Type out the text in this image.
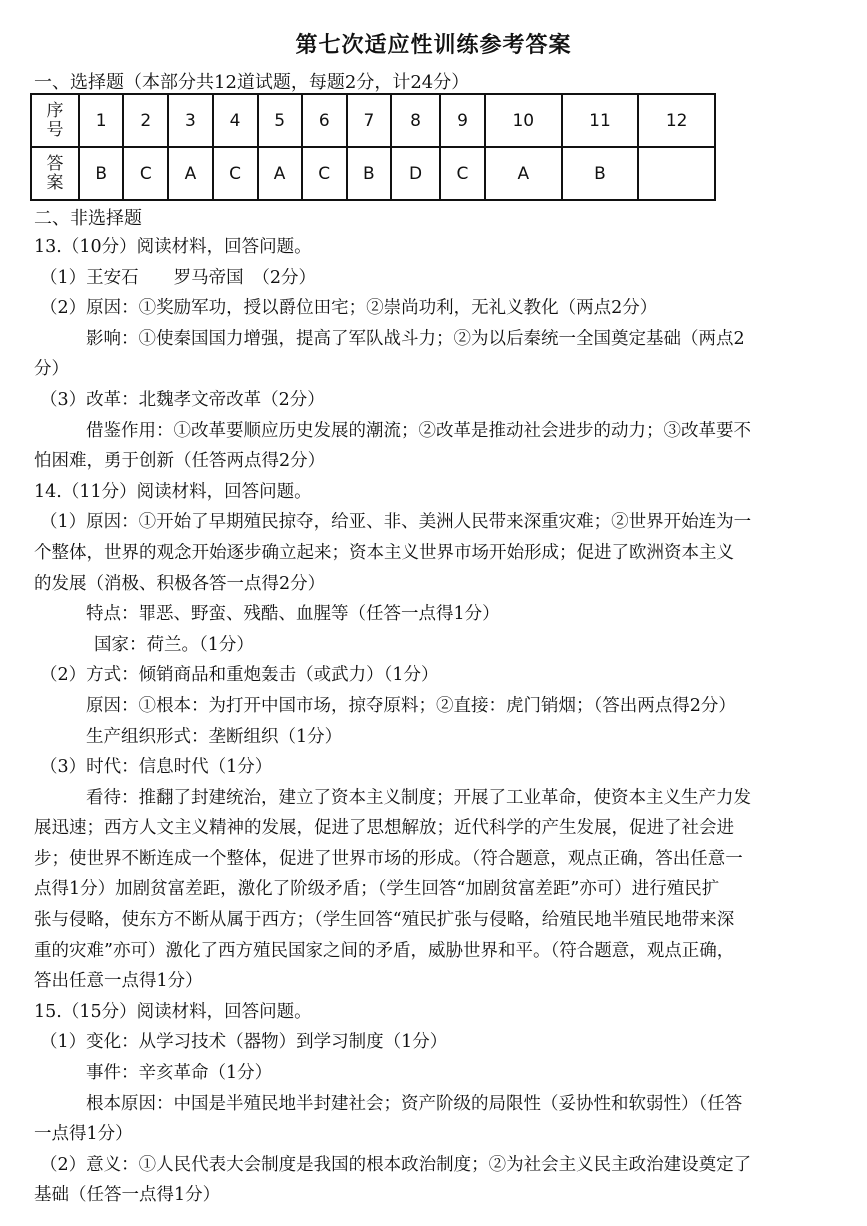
第七次适应性训练参考答案
一、选择题（本部分共12道试题，每题2分，计24分）
序号	1	2	3	4	5	6	7	8	9	10	11	12
答案	B	C	A	C	A	C	B	D	C	A	B	
二、非选择题
13.（10分）阅读材料，回答问题。
（1）王安石　　罗马帝国　（2分）
（2）原因：①奖励军功，授以爵位田宅；②崇尚功利，无礼义教化（两点2分）
影响：①使秦国国力增强，提高了军队战斗力；②为以后秦统一全国奠定基础（两点2
分）
（3）改革：北魏孝文帝改革（2分）
借鉴作用：①改革要顺应历史发展的潮流；②改革是推动社会进步的动力；③改革要不
怕困难，勇于创新（任答两点得2分）
14.（11分）阅读材料，回答问题。
（1）原因：①开始了早期殖民掠夺，给亚、非、美洲人民带来深重灾难；②世界开始连为一
个整体，世界的观念开始逐步确立起来；资本主义世界市场开始形成；促进了欧洲资本主义
的发展（消极、积极各答一点得2分）
特点：罪恶、野蛮、残酷、血腥等（任答一点得1分）
国家：荷兰。（1分）
（2）方式：倾销商品和重炮轰击（或武力）（1分）
原因：①根本：为打开中国市场，掠夺原料；②直接：虎门销烟；（答出两点得2分）
生产组织形式：垄断组织（1分）
（3）时代：信息时代（1分）
看待：推翻了封建统治，建立了资本主义制度；开展了工业革命，使资本主义生产力发
展迅速；西方人文主义精神的发展，促进了思想解放；近代科学的产生发展，促进了社会进
步；使世界不断连成一个整体，促进了世界市场的形成。（符合题意，观点正确，答出任意一
点得1分）加剧贫富差距，激化了阶级矛盾；（学生回答“加剧贫富差距”亦可）进行殖民扩
张与侵略，使东方不断从属于西方；（学生回答“殖民扩张与侵略，给殖民地半殖民地带来深
重的灾难”亦可）激化了西方殖民国家之间的矛盾，威胁世界和平。（符合题意，观点正确，
答出任意一点得1分）
15.（15分）阅读材料，回答问题。
（1）变化：从学习技术（器物）到学习制度（1分）
事件：辛亥革命（1分）
根本原因：中国是半殖民地半封建社会；资产阶级的局限性（妥协性和软弱性）（任答
一点得1分）
（2）意义：①人民代表大会制度是我国的根本政治制度；②为社会主义民主政治建设奠定了
基础（任答一点得1分）
